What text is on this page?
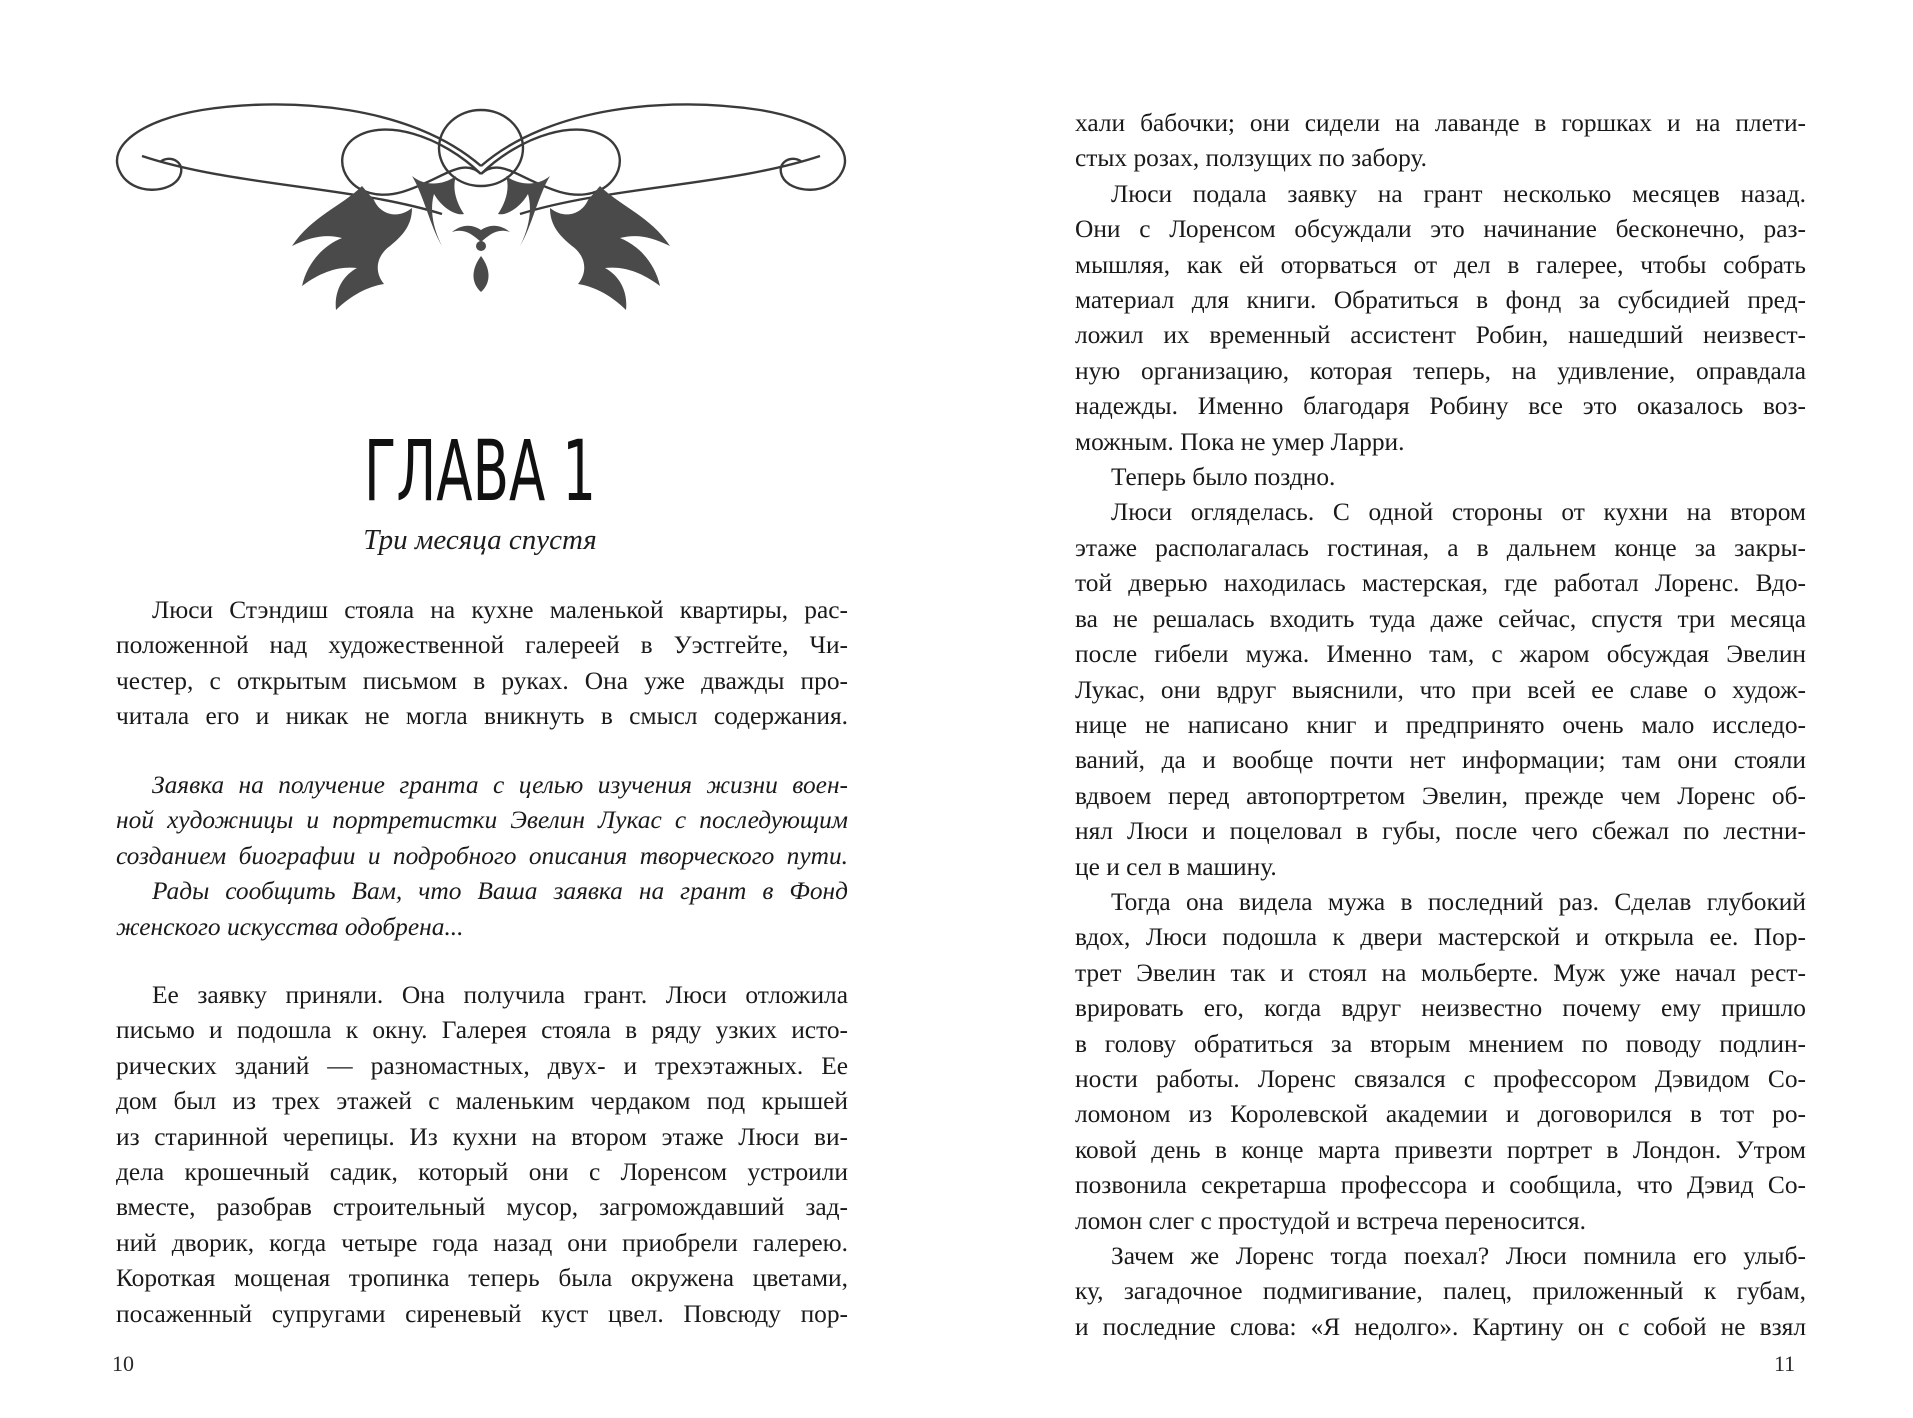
ГЛАВА 1
Три месяца спустя
Люси Стэндиш стояла на кухне маленькой квартиры, рас-
положенной над художественной галереей в Уэстгейте, Чи-
честер, с открытым письмом в руках. Она уже дважды про-
читала его и никак не могла вникнуть в смысл содержания.
Заявка на получение гранта с целью изучения жизни воен-
ной художницы и портретистки Эвелин Лукас с последующим
созданием биографии и подробного описания творческого пути.
Рады сообщить Вам, что Ваша заявка на грант в Фонд
женского искусства одобрена...
Ее заявку приняли. Она получила грант. Люси отложила
письмо и подошла к окну. Галерея стояла в ряду узких исто-
рических зданий — разномастных, двух- и трехэтажных. Ее
дом был из трех этажей с маленьким чердаком под крышей
из старинной черепицы. Из кухни на втором этаже Люси ви-
дела крошечный садик, который они с Лоренсом устроили
вместе, разобрав строительный мусор, загромождавший зад-
ний дворик, когда четыре года назад они приобрели галерею.
Короткая мощеная тропинка теперь была окружена цветами,
посаженный супругами сиреневый куст цвел. Повсюду пор-
10
хали бабочки; они сидели на лаванде в горшках и на плети-
стых розах, ползущих по забору.
Люси подала заявку на грант несколько месяцев назад.
Они с Лоренсом обсуждали это начинание бесконечно, раз-
мышляя, как ей оторваться от дел в галерее, чтобы собрать
материал для книги. Обратиться в фонд за субсидией пред-
ложил их временный ассистент Робин, нашедший неизвест-
ную организацию, которая теперь, на удивление, оправдала
надежды. Именно благодаря Робину все это оказалось воз-
можным. Пока не умер Ларри.
Теперь было поздно.
Люси огляделась. С одной стороны от кухни на втором
этаже располагалась гостиная, а в дальнем конце за закры-
той дверью находилась мастерская, где работал Лоренс. Вдо-
ва не решалась входить туда даже сейчас, спустя три месяца
после гибели мужа. Именно там, с жаром обсуждая Эвелин
Лукас, они вдруг выяснили, что при всей ее славе о худож-
нице не написано книг и предпринято очень мало исследо-
ваний, да и вообще почти нет информации; там они стояли
вдвоем перед автопортретом Эвелин, прежде чем Лоренс об-
нял Люси и поцеловал в губы, после чего сбежал по лестни-
це и сел в машину.
Тогда она видела мужа в последний раз. Сделав глубокий
вдох, Люси подошла к двери мастерской и открыла ее. Пор-
трет Эвелин так и стоял на мольберте. Муж уже начал рест-
врировать его, когда вдруг неизвестно почему ему пришло
в голову обратиться за вторым мнением по поводу подлин-
ности работы. Лоренс связался с профессором Дэвидом Со-
ломоном из Королевской академии и договорился в тот ро-
ковой день в конце марта привезти портрет в Лондон. Утром
позвонила секретарша профессора и сообщила, что Дэвид Со-
ломон слег с простудой и встреча переносится.
Зачем же Лоренс тогда поехал? Люси помнила его улыб-
ку, загадочное подмигивание, палец, приложенный к губам,
и последние слова: «Я недолго». Картину он с собой не взял
11
